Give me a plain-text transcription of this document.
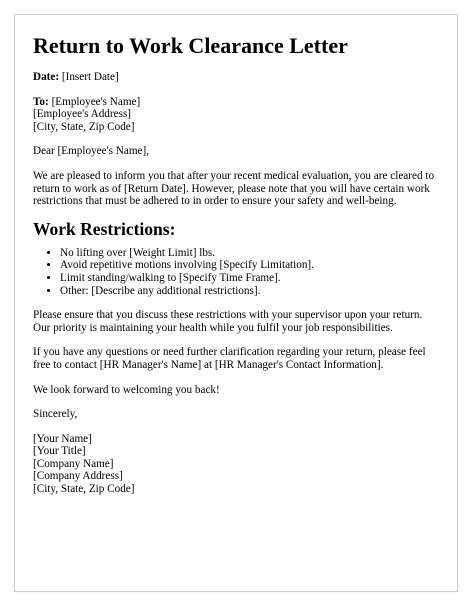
Return to Work Clearance Letter

Date: [Insert Date]

To: [Employee's Name]
[Employee's Address]
[City, State, Zip Code]

Dear [Employee's Name],

We are pleased to inform you that after your recent medical evaluation, you are cleared to
return to work as of [Return Date]. However, please note that you will have certain work
restrictions that must be adhered to in order to ensure your safety and well-being.
Work Restrictions:
• No lifting over [Weight Limit] lbs.
• Avoid repetitive motions involving [Specify Limitation].
• Limit standing/walking to [Specify Time Frame].
• Other: [Describe any additional restrictions].
Please ensure that you discuss these restrictions with your supervisor upon your return.
Our priority is maintaining your health while you fulfil your job responsibilities.
If you have any questions or need further clarification regarding your return, please feel
free to contact [HR Manager's Name] at [HR Manager's Contact Information].

We look forward to welcoming you back!

Sincerely,

[Your Name]
[Your Title]
[Company Name]
[Company Address]
[City, State, Zip Code]
